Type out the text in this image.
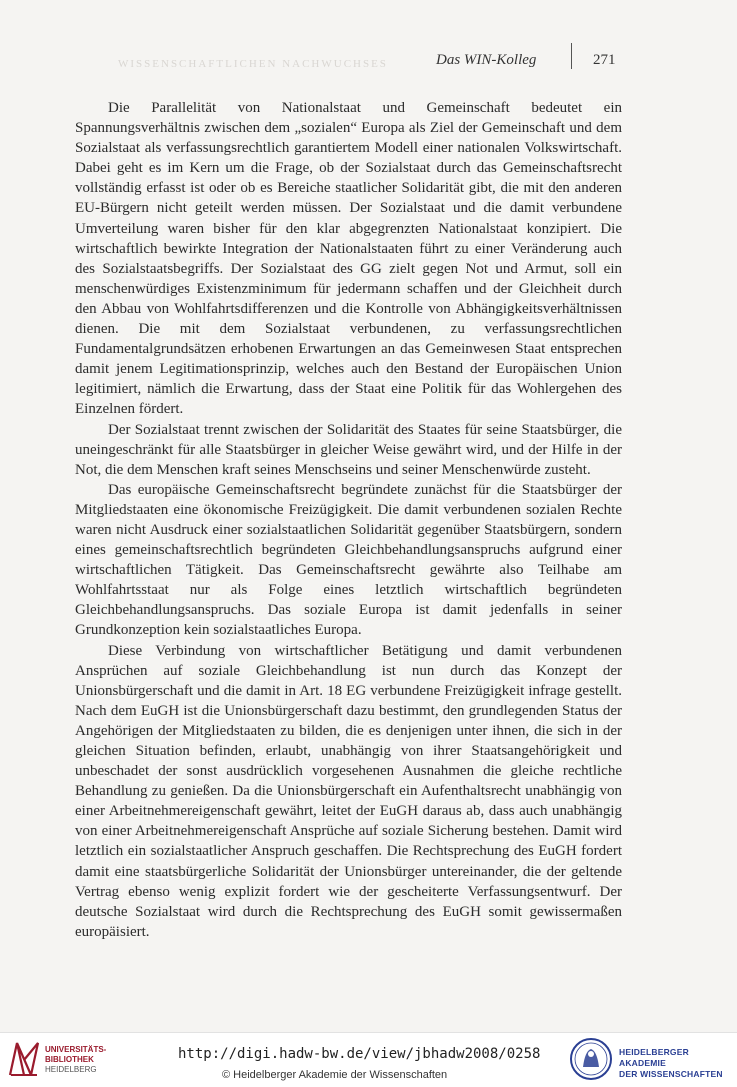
WISSENSCHAFTLICHEN NACHWUCHSES	Das WIN-Kolleg	271

Die Parallelität von Nationalstaat und Gemeinschaft bedeutet ein Spannungsverhältnis zwischen dem „sozialen“ Europa als Ziel der Gemeinschaft und dem Sozialstaat als verfassungsrechtlich garantiertem Modell einer nationalen Volkswirtschaft. Dabei geht es im Kern um die Frage, ob der Sozialstaat durch das Gemeinschaftsrecht vollständig erfasst ist oder ob es Bereiche staatlicher Solidarität gibt, die mit den anderen EU-Bürgern nicht geteilt werden müssen. Der Sozialstaat und die damit verbundene Umverteilung waren bisher für den klar abgegrenzten Nationalstaat konzipiert. Die wirtschaftlich bewirkte Integration der Nationalstaaten führt zu einer Veränderung auch des Sozialstaatsbegriffs. Der Sozialstaat des GG zielt gegen Not und Armut, soll ein menschenwürdiges Existenzminimum für jedermann schaffen und der Gleichheit durch den Abbau von Wohlfahrtsdifferenzen und die Kontrolle von Abhängigkeitsverhältnissen dienen. Die mit dem Sozialstaat verbundenen, zu verfassungsrechtlichen Fundamentalgrundsätzen erhobenen Erwartungen an das Gemeinwesen Staat entsprechen damit jenem Legitimationsprinzip, welches auch den Bestand der Europäischen Union legitimiert, nämlich die Erwartung, dass der Staat eine Politik für das Wohlergehen des Einzelnen fördert.

Der Sozialstaat trennt zwischen der Solidarität des Staates für seine Staatsbürger, die uneingeschränkt für alle Staatsbürger in gleicher Weise gewährt wird, und der Hilfe in der Not, die dem Menschen kraft seines Menschseins und seiner Menschenwürde zusteht.

Das europäische Gemeinschaftsrecht begründete zunächst für die Staatsbürger der Mitgliedstaaten eine ökonomische Freizügigkeit. Die damit verbundenen sozialen Rechte waren nicht Ausdruck einer sozialstaatlichen Solidarität gegenüber Staatsbürgern, sondern eines gemeinschaftsrechtlich begründeten Gleichbehandlungsanspruchs aufgrund einer wirtschaftlichen Tätigkeit. Das Gemeinschaftsrecht gewährte also Teilhabe am Wohlfahrtsstaat nur als Folge eines letztlich wirtschaftlich begründeten Gleichbehandlungsanspruchs. Das soziale Europa ist damit jedenfalls in seiner Grundkonzeption kein sozialstaatliches Europa.

Diese Verbindung von wirtschaftlicher Betätigung und damit verbundenen Ansprüchen auf soziale Gleichbehandlung ist nun durch das Konzept der Unionsbürgerschaft und die damit in Art. 18 EG verbundene Freizügigkeit infrage gestellt. Nach dem EuGH ist die Unionsbürgerschaft dazu bestimmt, den grundlegenden Status der Angehörigen der Mitgliedstaaten zu bilden, die es denjenigen unter ihnen, die sich in der gleichen Situation befinden, erlaubt, unabhängig von ihrer Staatsangehörigkeit und unbeschadet der sonst ausdrücklich vorgesehenen Ausnahmen die gleiche rechtliche Behandlung zu genießen. Da die Unionsbürgerschaft ein Aufenthaltsrecht unabhängig von einer Arbeitnehmereigenschaft gewährt, leitet der EuGH daraus ab, dass auch unabhängig von einer Arbeitnehmereigenschaft Ansprüche auf soziale Sicherung bestehen. Damit wird letztlich ein sozialstaatlicher Anspruch geschaffen. Die Rechtsprechung des EuGH fordert damit eine staatsbürgerliche Solidarität der Unionsbürger untereinander, die der geltende Vertrag ebenso wenig explizit fordert wie der gescheiterte Verfassungsentwurf. Der deutsche Sozialstaat wird durch die Rechtsprechung des EuGH somit gewissermaßen europäisiert.

UNIVERSITÄTS-
BIBLIOTHEK
HEIDELBERG
http://digi.hadw-bw.de/view/jbhadw2008/0258
© Heidelberger Akademie der Wissenschaften
HEIDELBERGER AKADEMIE
DER WISSENSCHAFTEN
